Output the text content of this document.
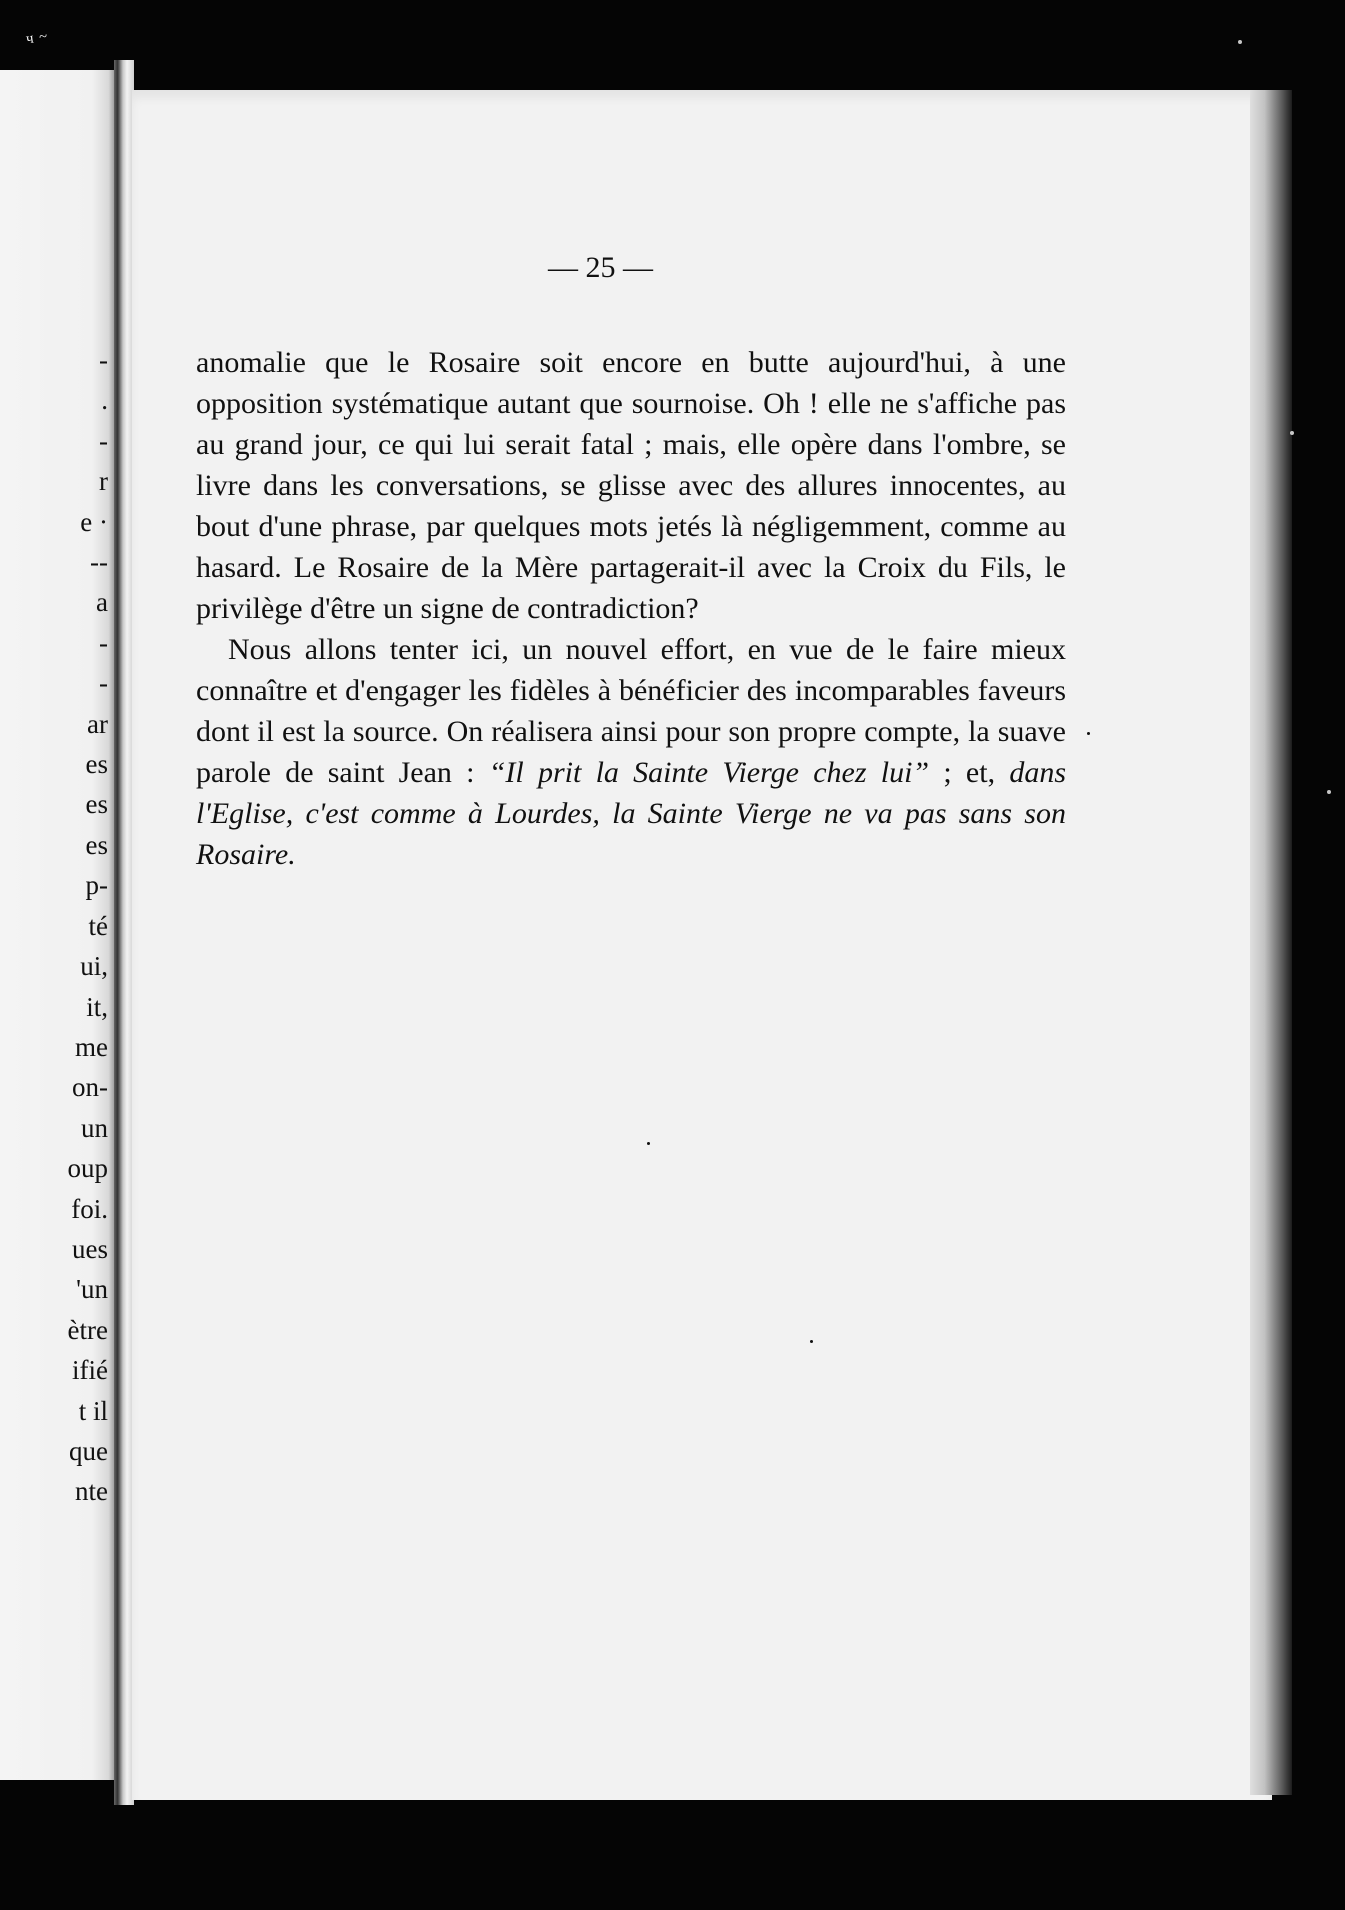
ч ~
-
.
-
r
e ·
--
a
-
-
ar
es
es
es
p-
té
ui,
it,
me
on-
un
oup
foi.
ues
'un
ètre
ifié
t il
que
nte
— 25 —

anomalie que le Rosaire soit encore en butte aujourd'hui, à une opposition systématique autant que sournoise. Oh ! elle ne s'affiche pas au grand jour, ce qui lui serait fatal ; mais, elle opère dans l'ombre, se livre dans les conversations, se glisse avec des allures innocentes, au bout d'une phrase, par quelques mots jetés là négligemment, comme au hasard. Le Rosaire de la Mère partagerait-il avec la Croix du Fils, le privilège d'être un signe de contradiction?

Nous allons tenter ici, un nouvel effort, en vue de le faire mieux connaître et d'engager les fidèles à bénéficier des incomparables faveurs dont il est la source. On réalisera ainsi pour son propre compte, la suave parole de saint Jean : “Il prit la Sainte Vierge chez lui” ; et, dans l'Eglise, c'est comme à Lourdes, la Sainte Vierge ne va pas sans son Rosaire.
